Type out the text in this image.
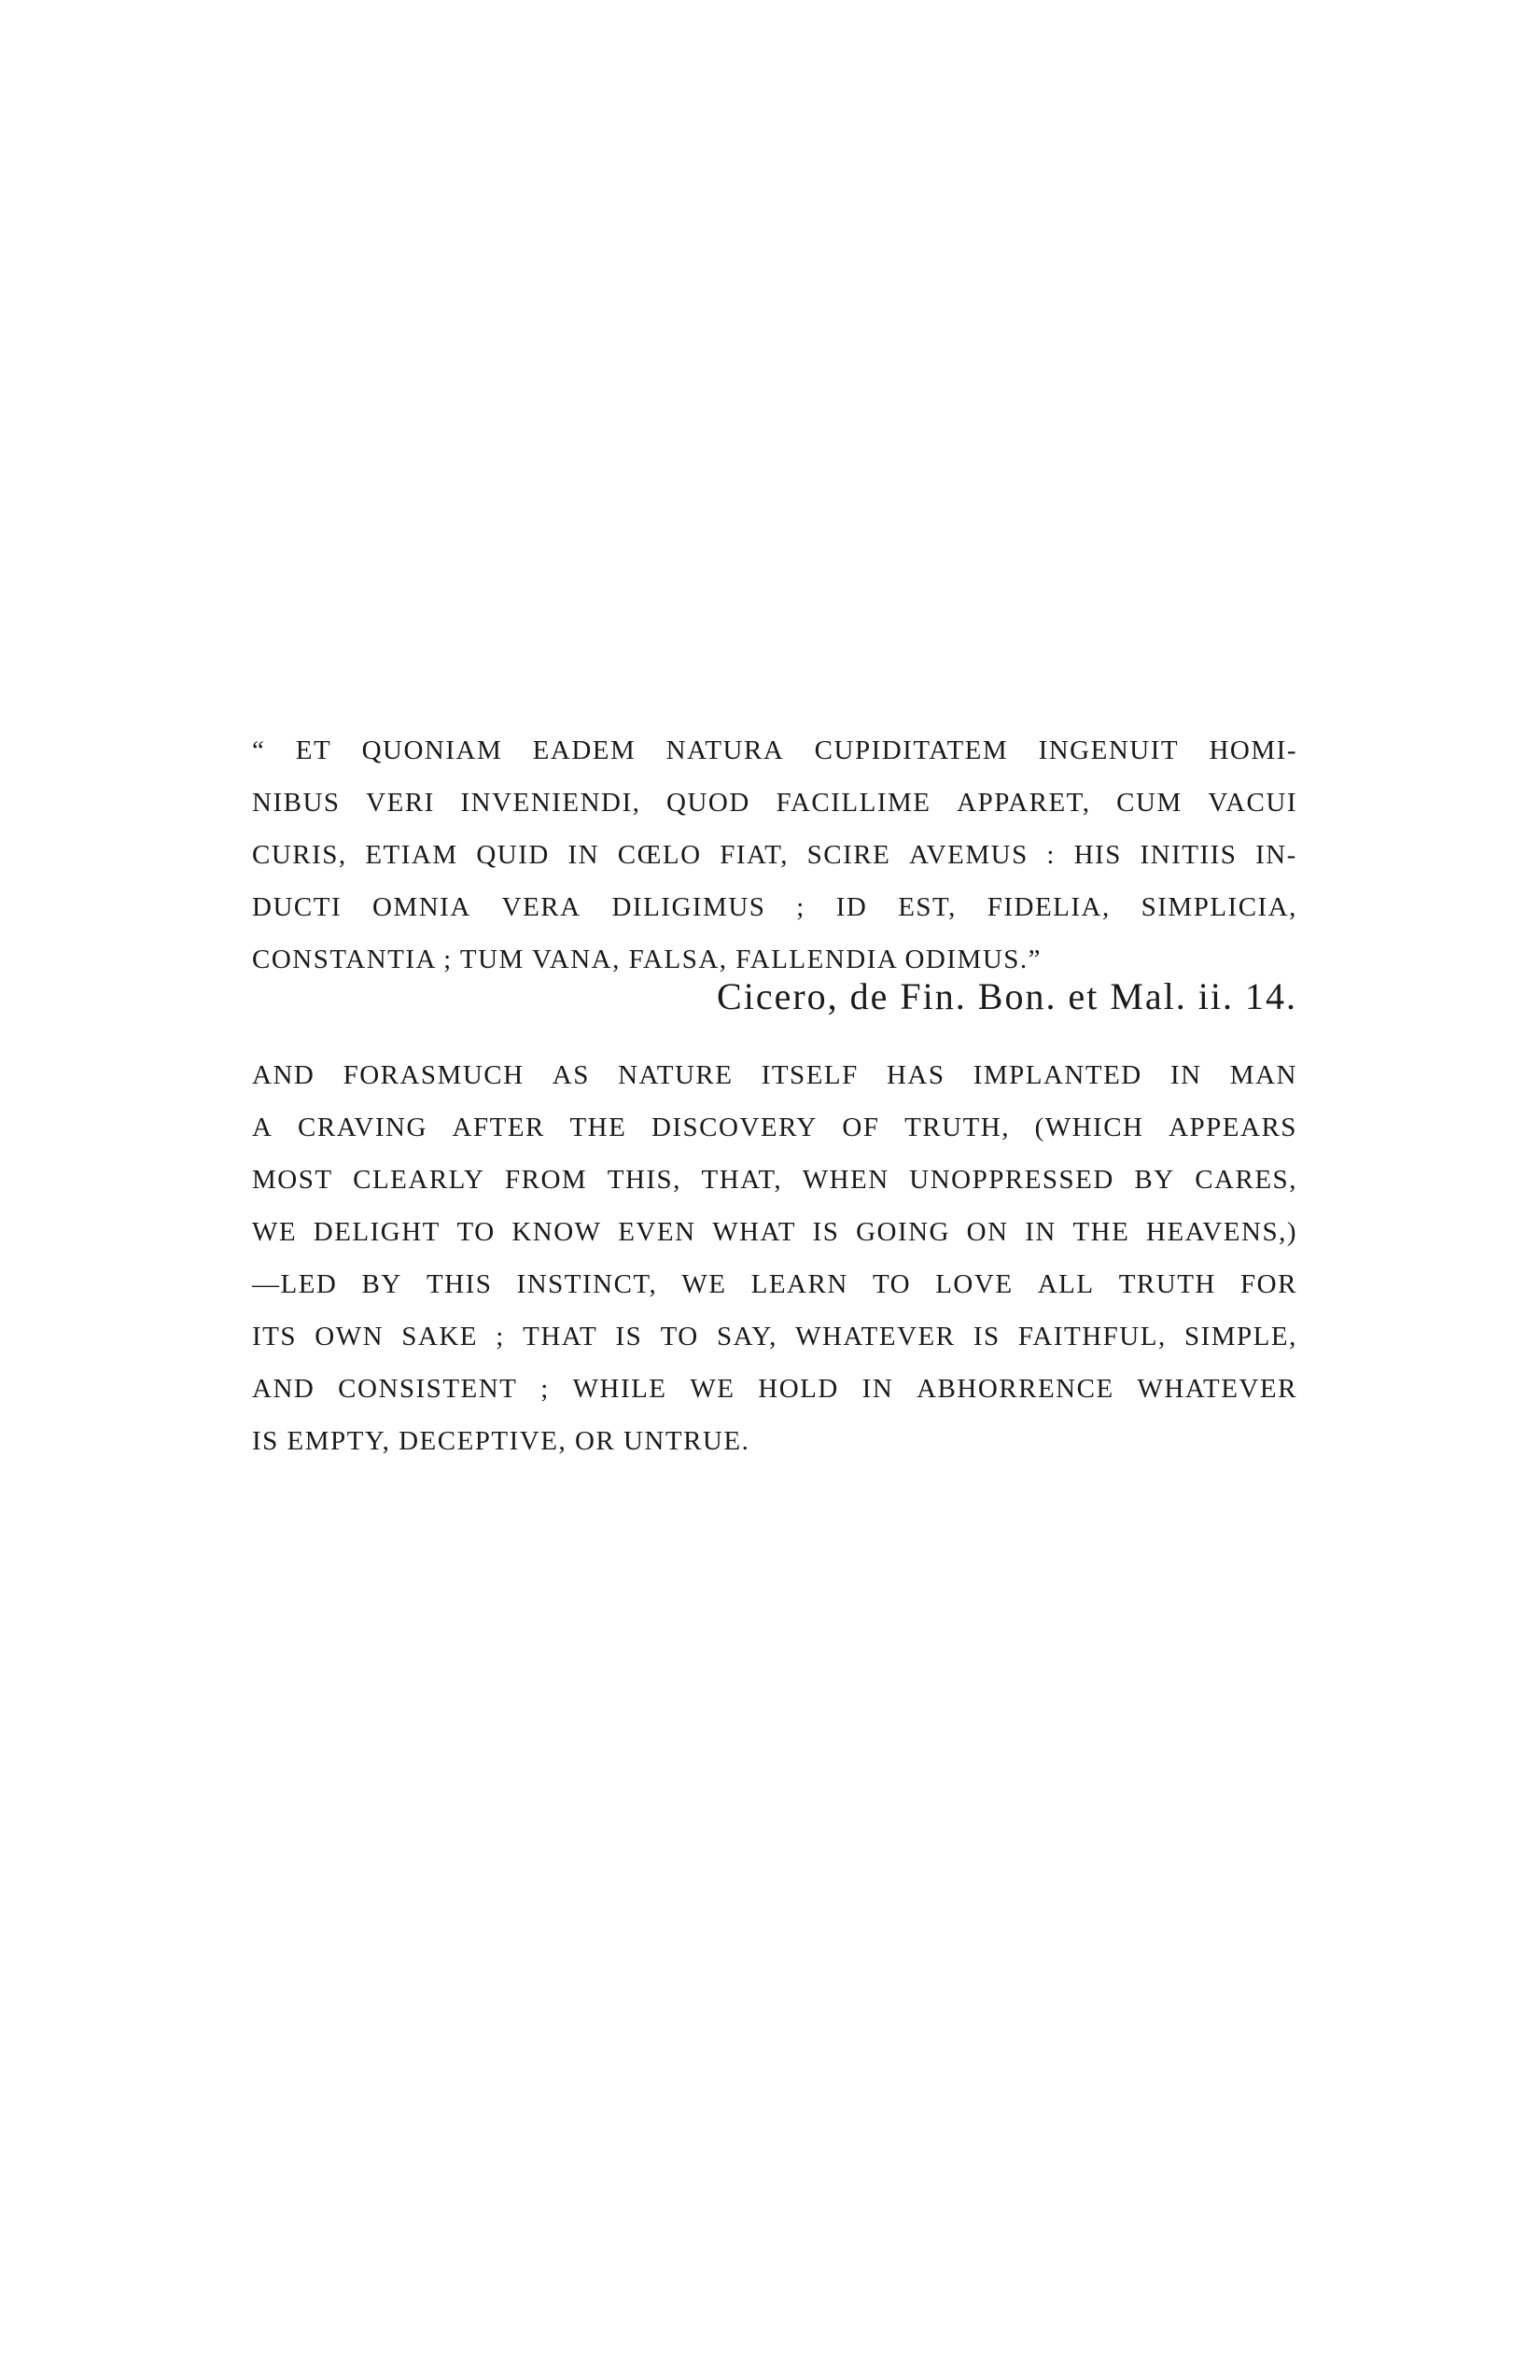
“ ET QUONIAM EADEM NATURA CUPIDITATEM INGENUIT HOMI-
NIBUS VERI INVENIENDI, QUOD FACILLIME APPARET, CUM VACUI
CURIS, ETIAM QUID IN CŒLO FIAT, SCIRE AVEMUS : HIS INITIIS IN-
DUCTI OMNIA VERA DILIGIMUS ; ID EST, FIDELIA, SIMPLICIA,
CONSTANTIA ; TUM VANA, FALSA, FALLENDIA ODIMUS.”
Cicero, de Fin. Bon. et Mal. ii. 14.
AND FORASMUCH AS NATURE ITSELF HAS IMPLANTED IN MAN
A CRAVING AFTER THE DISCOVERY OF TRUTH, (WHICH APPEARS
MOST CLEARLY FROM THIS, THAT, WHEN UNOPPRESSED BY CARES,
WE DELIGHT TO KNOW EVEN WHAT IS GOING ON IN THE HEAVENS,)
—LED BY THIS INSTINCT, WE LEARN TO LOVE ALL TRUTH FOR
ITS OWN SAKE ; THAT IS TO SAY, WHATEVER IS FAITHFUL, SIMPLE,
AND CONSISTENT ; WHILE WE HOLD IN ABHORRENCE WHATEVER
IS EMPTY, DECEPTIVE, OR UNTRUE.
